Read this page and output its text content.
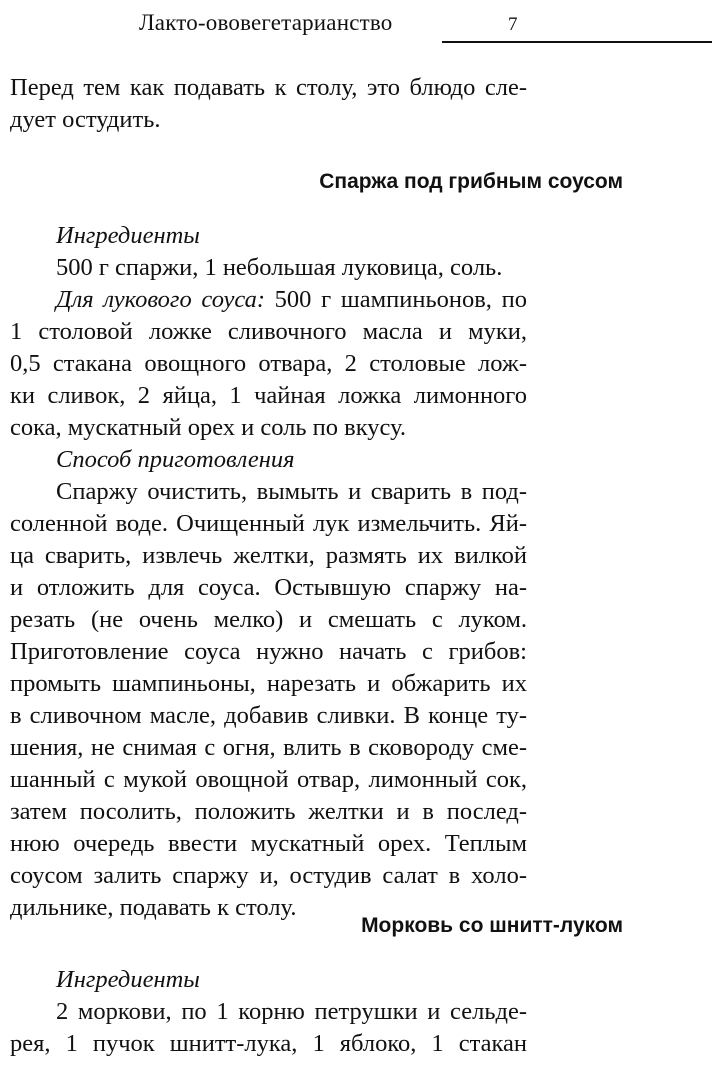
Лакто-ововегетарианство	7
Перед тем как подавать к столу, это блюдо сле-
дует остудить.
Спаржа под грибным соусом
Ингредиенты
500 г спаржи, 1 небольшая луковица, соль.
Для лукового соуса: 500 г шампиньонов, по
1 столовой ложке сливочного масла и муки,
0,5 стакана овощного отвара, 2 столовые лож-
ки сливок, 2 яйца, 1 чайная ложка лимонного
сока, мускатный орех и соль по вкусу.
Способ приготовления
Спаржу очистить, вымыть и сварить в под-
соленной воде. Очищенный лук измельчить. Яй-
ца сварить, извлечь желтки, размять их вилкой
и отложить для соуса. Остывшую спаржу на-
резать (не очень мелко) и смешать с луком.
Приготовление соуса нужно начать с грибов:
промыть шампиньоны, нарезать и обжарить их
в сливочном масле, добавив сливки. В конце ту-
шения, не снимая с огня, влить в сковороду сме-
шанный с мукой овощной отвар, лимонный сок,
затем посолить, положить желтки и в послед-
нюю очередь ввести мускатный орех. Теплым
соусом залить спаржу и, остудив салат в холо-
дильнике, подавать к столу.
Морковь со шнитт-луком
Ингредиенты
2 моркови, по 1 корню петрушки и сельде-
рея, 1 пучок шнитт-лука, 1 яблоко, 1 стакан
